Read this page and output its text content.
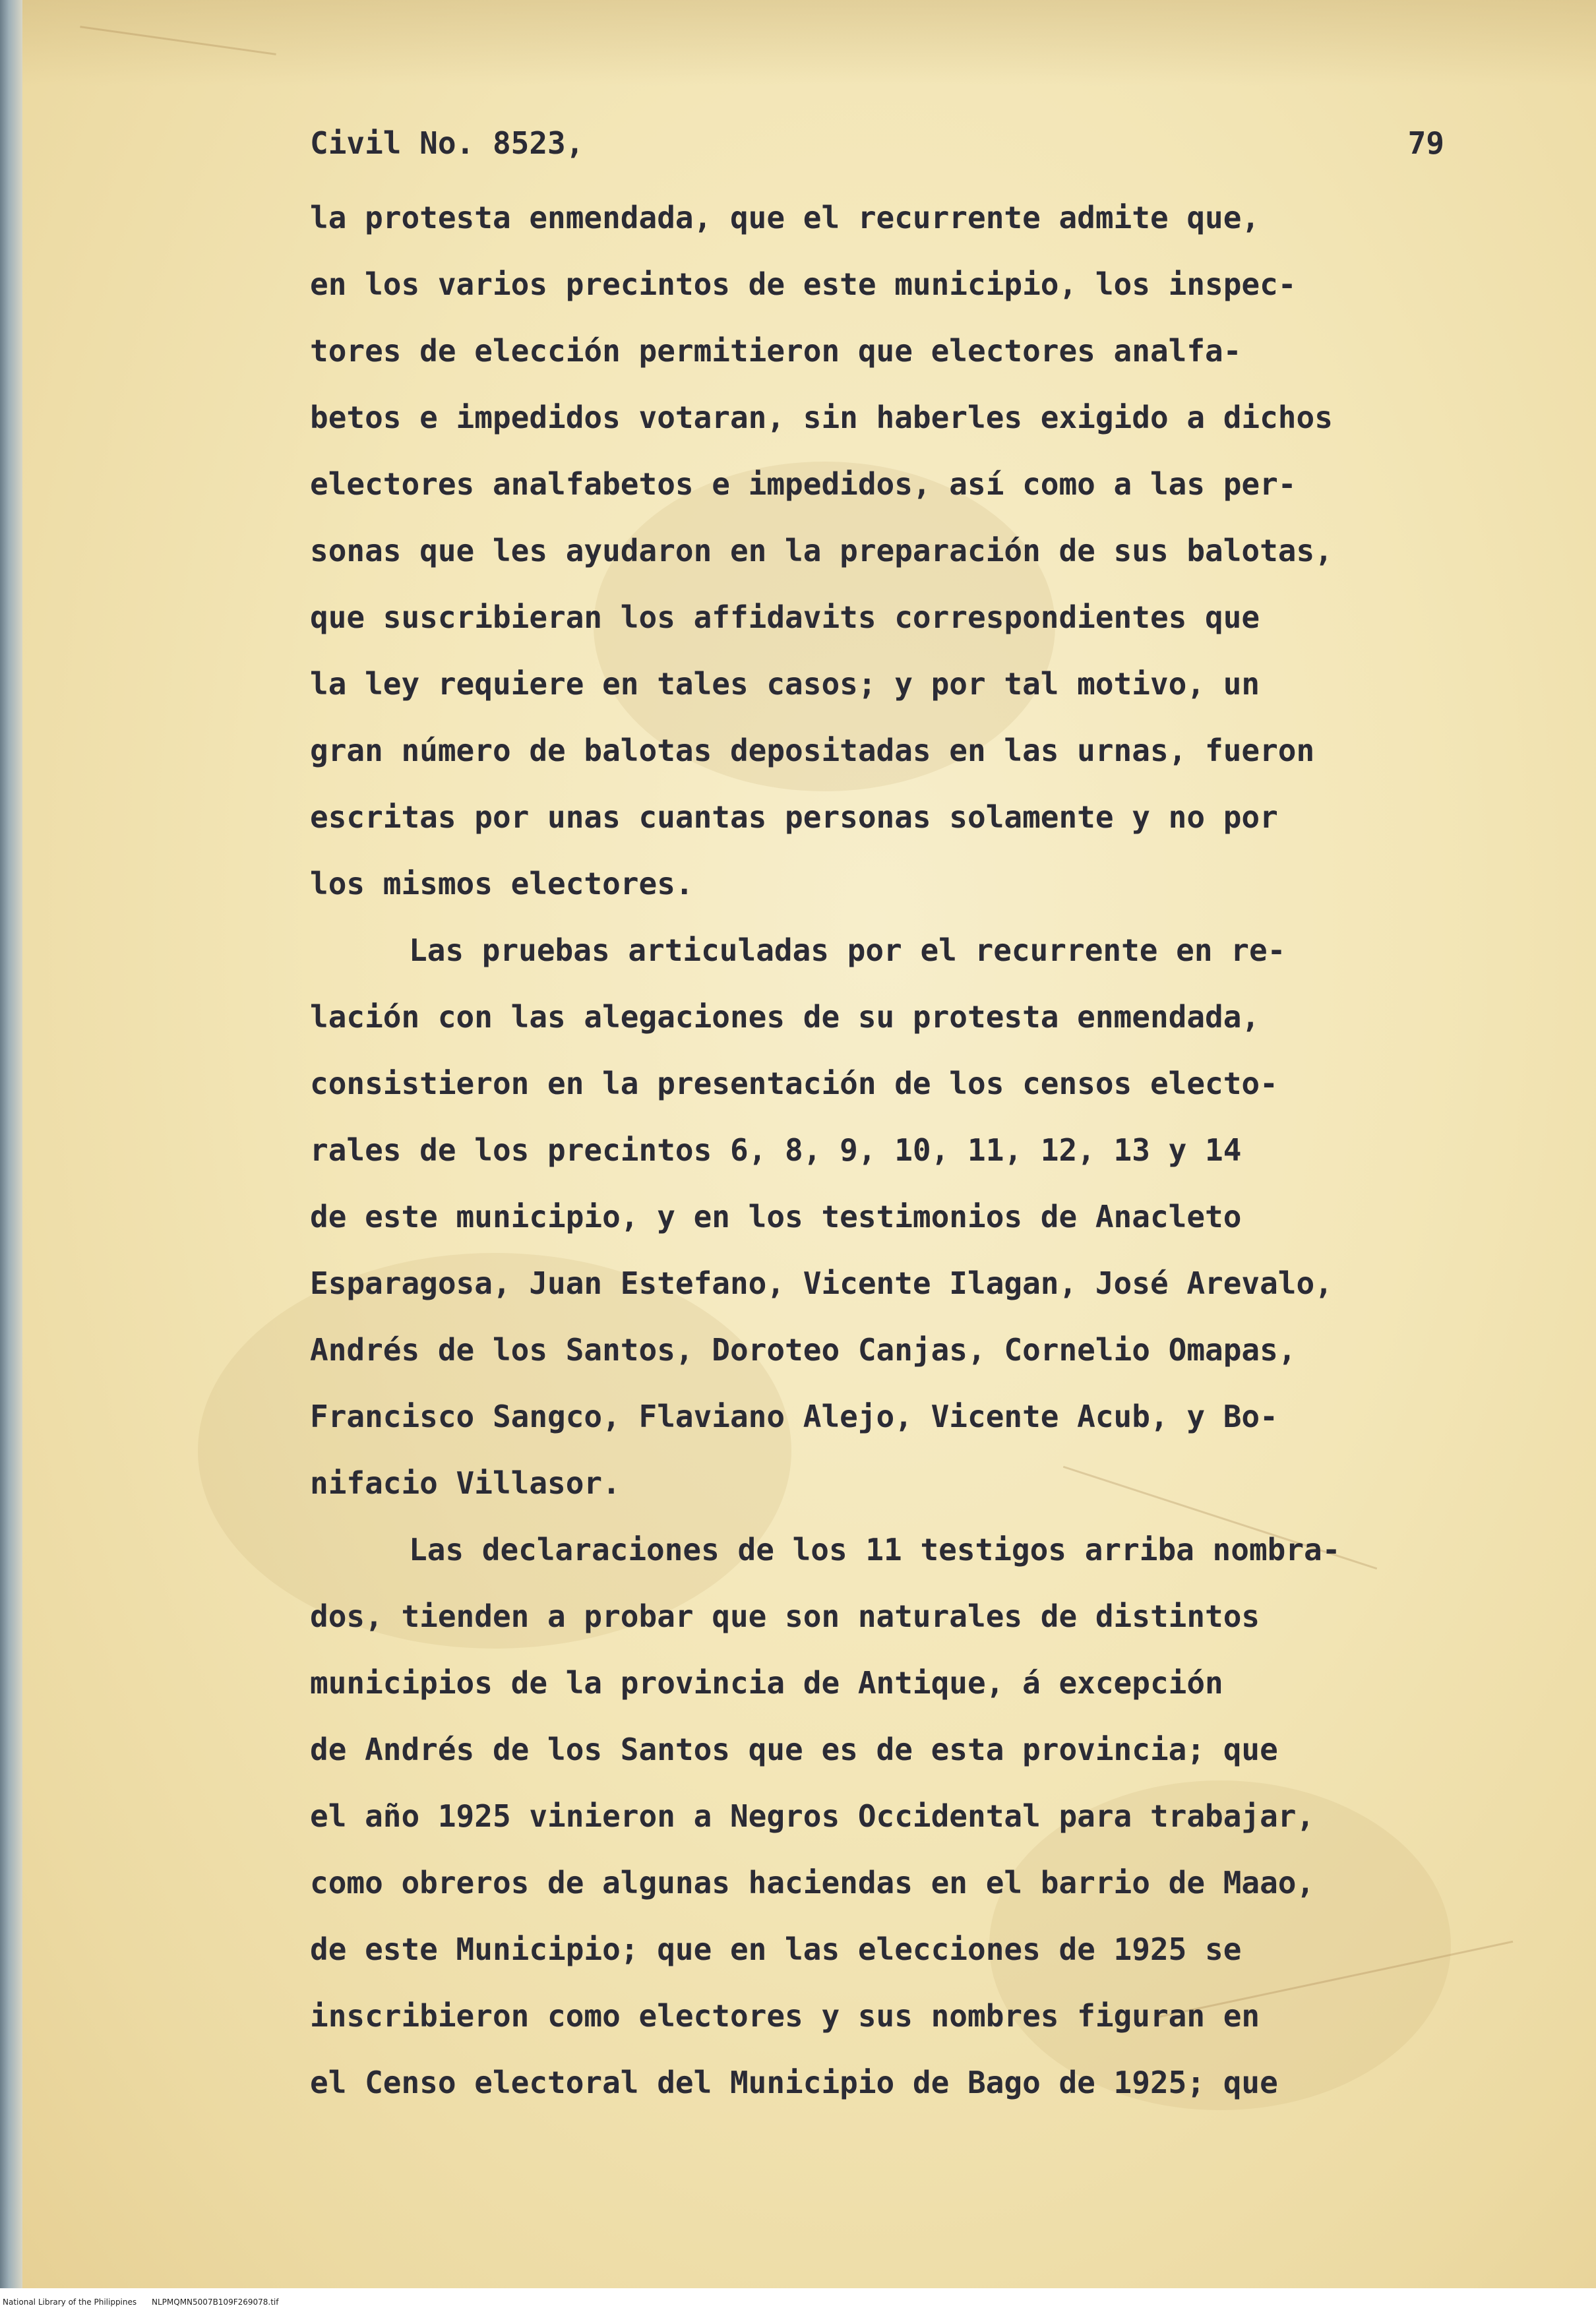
Civil No. 8523,	79
la protesta enmendada, que el recurrente admite que,
en los varios precintos de este municipio, los inspec-
tores de elección permitieron que electores analfa-
betos e impedidos votaran, sin haberles exigido a dichos
electores analfabetos e impedidos, así como a las per-
sonas que les ayudaron en la preparación de sus balotas,
que suscribieran los affidavits correspondientes que
la ley requiere en tales casos; y por tal motivo, un
gran número de balotas depositadas en las urnas, fueron
escritas por unas cuantas personas solamente y no por
los mismos electores.
Las pruebas articuladas por el recurrente en re-
lación con las alegaciones de su protesta enmendada,
consistieron en la presentación de los censos electo-
rales de los precintos 6, 8, 9, 10, 11, 12, 13 y 14
de este municipio, y en los testimonios de Anacleto
Esparagosa, Juan Estefano, Vicente Ilagan, José Arevalo,
Andrés de los Santos, Doroteo Canjas, Cornelio Omapas,
Francisco Sangco, Flaviano Alejo, Vicente Acub, y Bo-
nifacio Villasor.
Las declaraciones de los 11 testigos arriba nombra-
dos, tienden a probar que son naturales de distintos
municipios de la provincia de Antique, á excepción
de Andrés de los Santos que es de esta provincia; que
el año 1925 vinieron a Negros Occidental para trabajar,
como obreros de algunas haciendas en el barrio de Maao,
de este Municipio; que en las elecciones de 1925 se
inscribieron como electores y sus nombres figuran en
el Censo electoral del Municipio de Bago de 1925; que
National Library of the Philippines NLPMQMN5007B109F269078.tif
